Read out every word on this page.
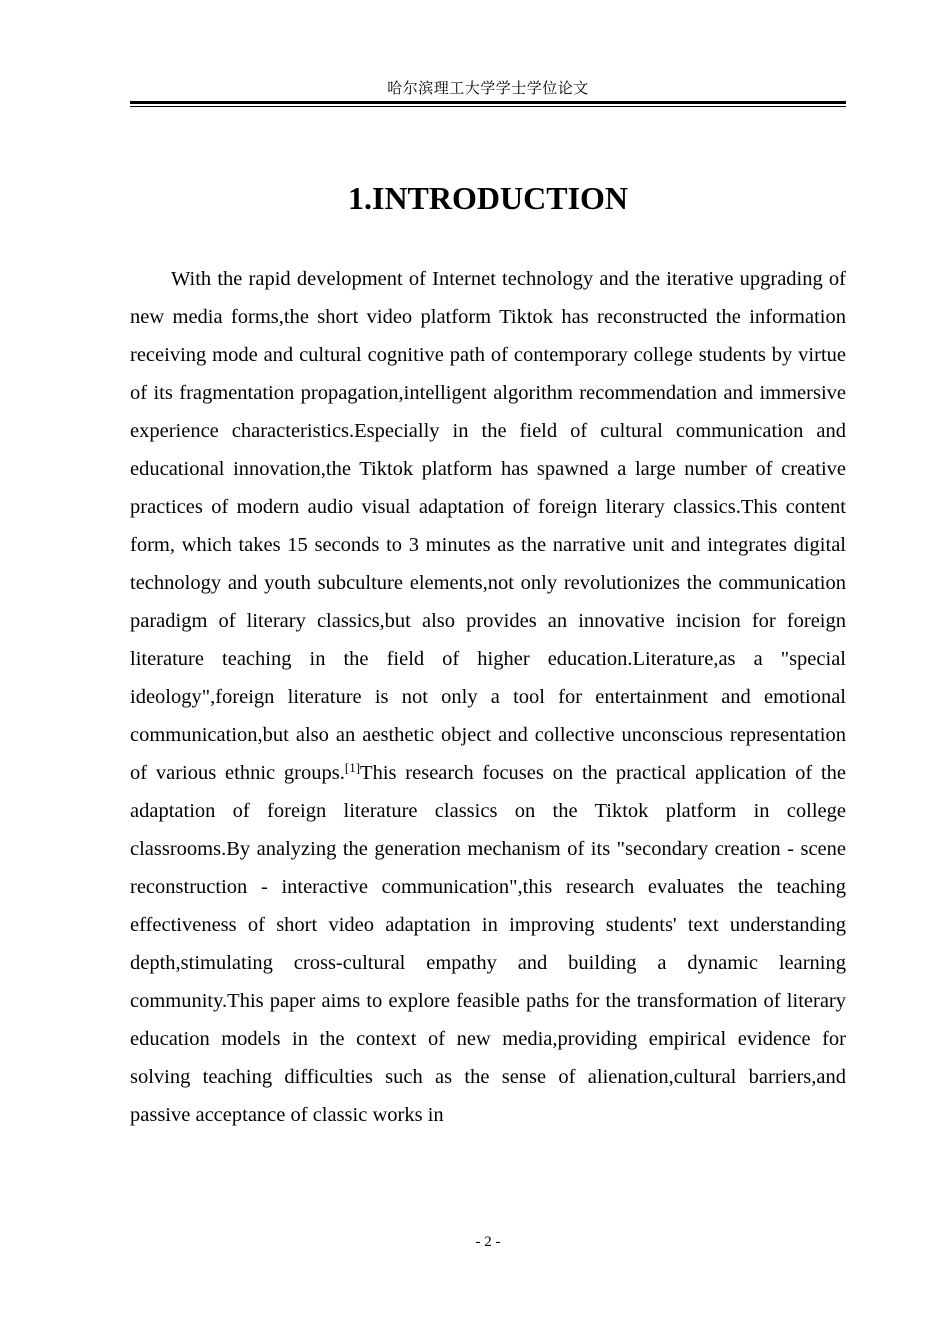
哈尔滨理工大学学士学位论文
1.INTRODUCTION

With the rapid development of Internet technology and the iterative upgrading of new media forms,the short video platform Tiktok has reconstructed the information receiving mode and cultural cognitive path of contemporary college students by virtue of its fragmentation propagation,intelligent algorithm recommendation and immersive experience characteristics.Especially in the field of cultural communication and educational innovation,the Tiktok platform has spawned a large number of creative practices of modern audio visual adaptation of foreign literary classics.This content form, which takes 15 seconds to 3 minutes as the narrative unit and integrates digital technology and youth subculture elements,not only revolutionizes the communication paradigm of literary classics,but also provides an innovative incision for foreign literature teaching in the field of higher education.Literature,as a "special ideology",foreign literature is not only a tool for entertainment and emotional communication,but also an aesthetic object and collective unconscious representation of various ethnic groups.[1]This research focuses on the practical application of the adaptation of foreign literature classics on the Tiktok platform in college classrooms.By analyzing the generation mechanism of its "secondary creation - scene reconstruction - interactive communication",this research evaluates the teaching effectiveness of short video adaptation in improving students' text understanding depth,stimulating cross-cultural empathy and building a dynamic learning community.This paper aims to explore feasible paths for the transformation of literary education models in the context of new media,providing empirical evidence for solving teaching difficulties such as the sense of alienation,cultural barriers,and passive acceptance of classic works in

- 2 -
